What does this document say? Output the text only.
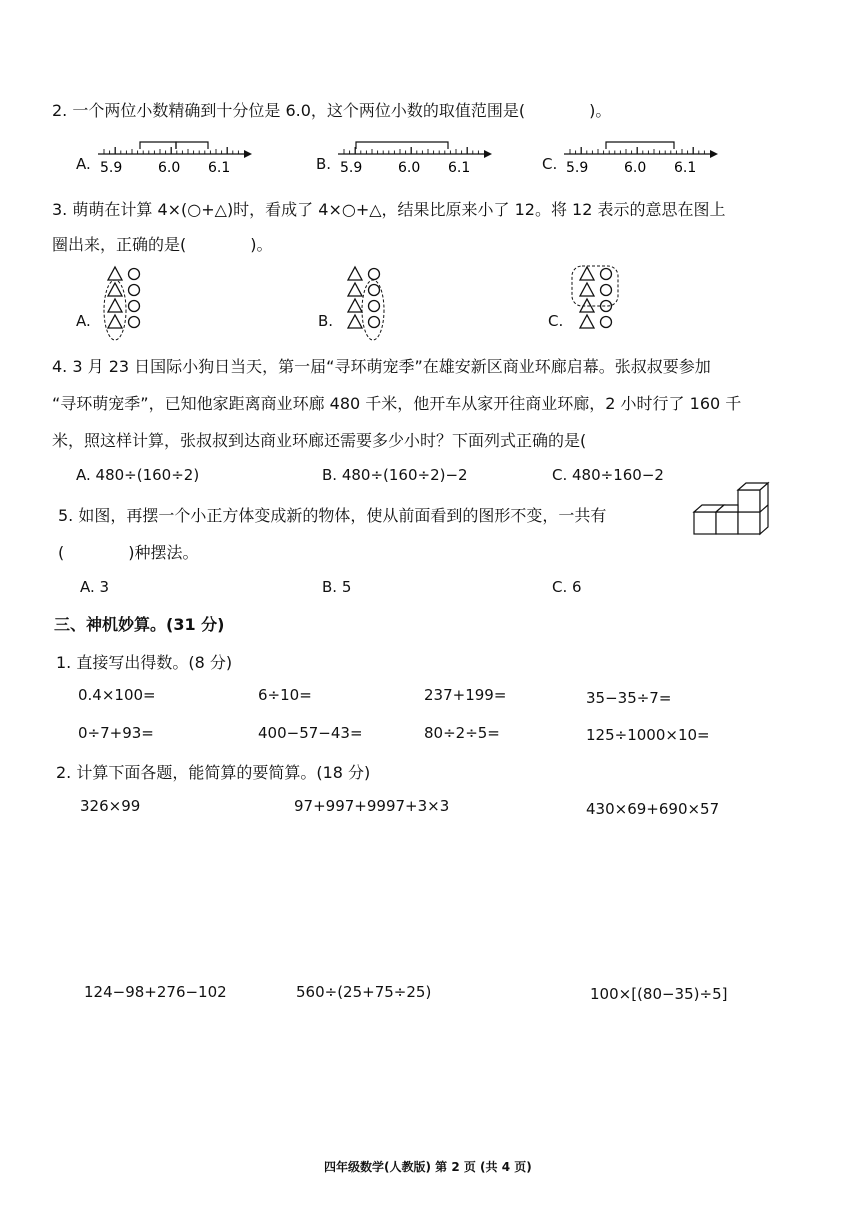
2. 一个两位小数精确到十分位是 6.0，这个两位小数的取值范围是(　　　　)。
A. 5.9	6.0 6.1	B. 5.9	6.0 6.1	C. 5.9	6.0 6.1
3. 萌萌在计算 4×(○+△)时，看成了 4×○+△，结果比原来小了 12。将 12 表示的意思在图上
圈出来，正确的是(　　　　)。
A.	B.	C.
4. 3 月 23 日国际小狗日当天，第一届“寻环萌宠季”在雄安新区商业环廊启幕。张叔叔要参加
“寻环萌宠季”，已知他家距离商业环廊 480 千米，他开车从家开往商业环廊，2 小时行了 160 千
米，照这样计算，张叔叔到达商业环廊还需要多少小时？下面列式正确的是(
A. 480÷(160÷2)	B. 480÷(160÷2)−2	C. 480÷160−2
5. 如图，再摆一个小正方体变成新的物体，使从前面看到的图形不变，一共有
(　　　　)种摆法。
A. 3	B. 5	C. 6
三、神机妙算。(31 分)
1. 直接写出得数。(8 分)
0.4×100=	6÷10=	237+199=	35−35÷7=
0÷7+93=	400−57−43=	80÷2÷5=	125÷1000×10=
2. 计算下面各题，能简算的要简算。(18 分)
326×99	97+997+9997+3×3	430×69+690×57
124−98+276−102	560÷(25+75÷25)	100×[(80−35)÷5]
四年级数学(人教版) 第 2 页 (共 4 页)
